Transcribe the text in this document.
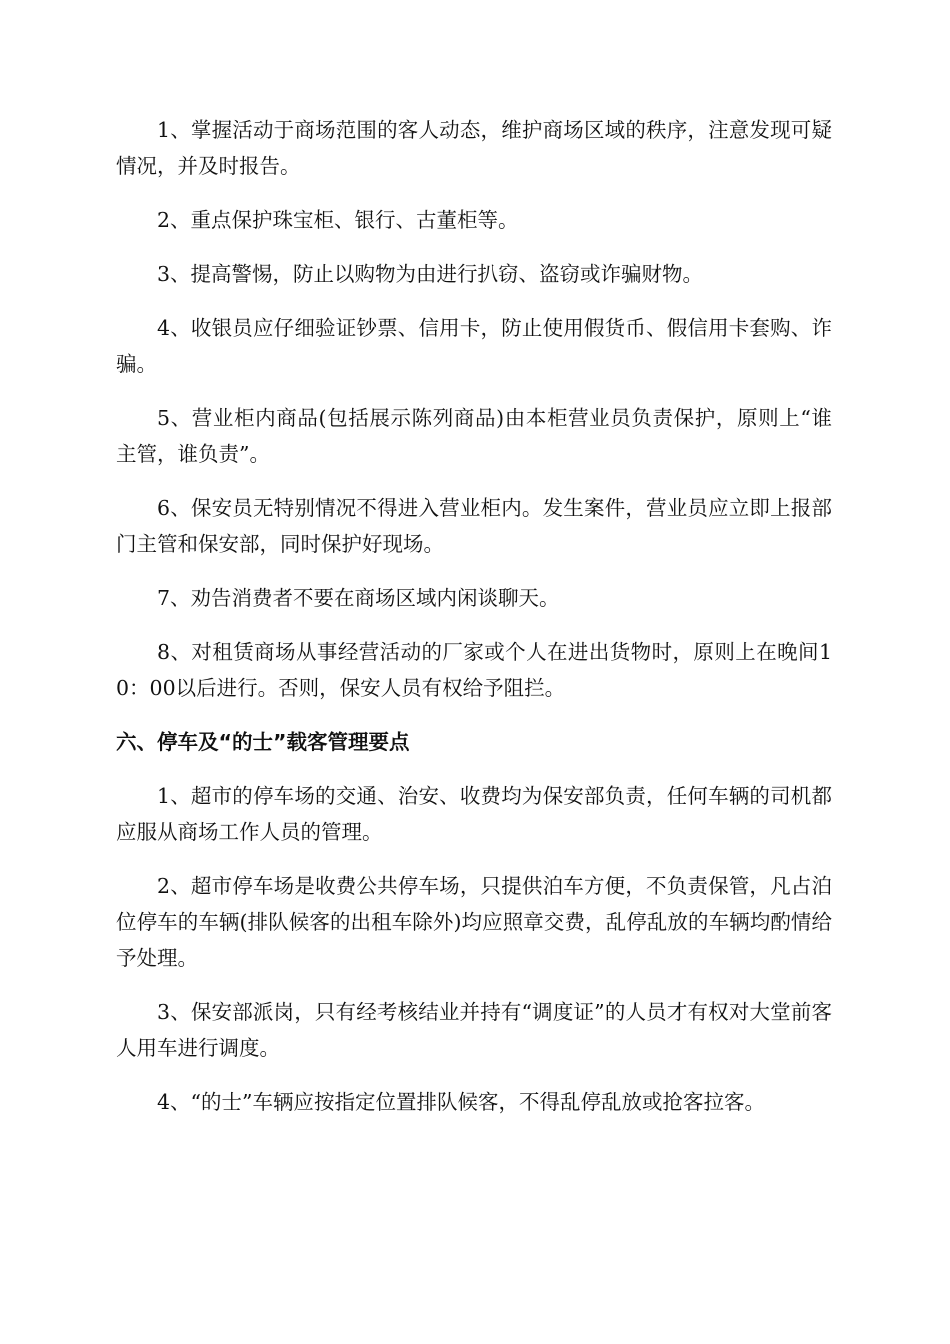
1、掌握活动于商场范围的客人动态，维护商场区域的秩序，注意发现可疑情况，并及时报告。

2、重点保护珠宝柜、银行、古董柜等。

3、提高警惕，防止以购物为由进行扒窃、盗窃或诈骗财物。

4、收银员应仔细验证钞票、信用卡，防止使用假货币、假信用卡套购、诈骗。

5、营业柜内商品(包括展示陈列商品)由本柜营业员负责保护，原则上“谁主管，谁负责”。

6、保安员无特别情况不得进入营业柜内。发生案件，营业员应立即上报部门主管和保安部，同时保护好现场。

7、劝告消费者不要在商场区域内闲谈聊天。

8、对租赁商场从事经营活动的厂家或个人在进出货物时，原则上在晚间10：00以后进行。否则，保安人员有权给予阻拦。

六、停车及“的士”载客管理要点

1、超市的停车场的交通、治安、收费均为保安部负责，任何车辆的司机都应服从商场工作人员的管理。

2、超市停车场是收费公共停车场，只提供泊车方便，不负责保管，凡占泊位停车的车辆(排队候客的出租车除外)均应照章交费，乱停乱放的车辆均酌情给予处理。

3、保安部派岗，只有经考核结业并持有“调度证”的人员才有权对大堂前客人用车进行调度。

4、“的士”车辆应按指定位置排队候客，不得乱停乱放或抢客拉客。
